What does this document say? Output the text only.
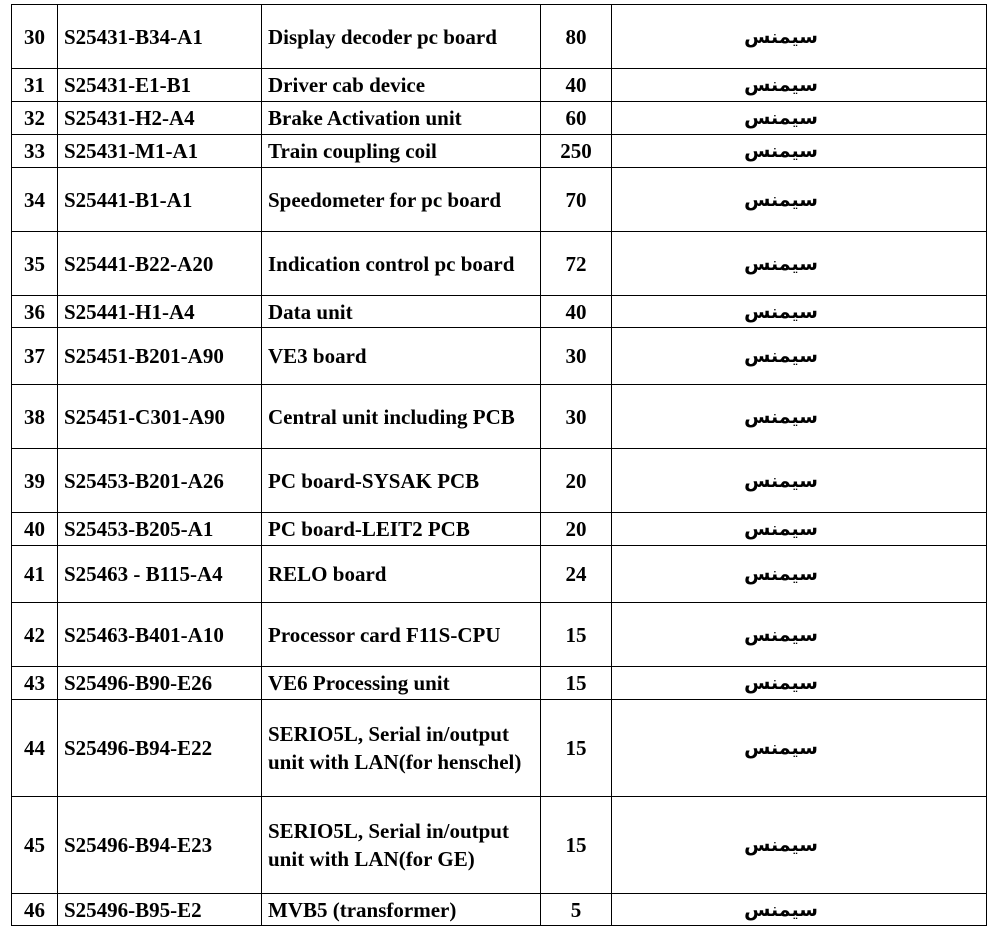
30	S25431-B34-A1	Display decoder pc board	80	سيمنس
31	S25431-E1-B1	Driver cab device	40	سيمنس
32	S25431-H2-A4	Brake Activation unit	60	سيمنس
33	S25431-M1-A1	Train coupling coil	250	سيمنس
34	S25441-B1-A1	Speedometer for pc board	70	سيمنس
35	S25441-B22-A20	Indication control pc board	72	سيمنس
36	S25441-H1-A4	Data unit	40	سيمنس
37	S25451-B201-A90	VE3 board	30	سيمنس
38	S25451-C301-A90	Central unit including PCB	30	سيمنس
39	S25453-B201-A26	PC board-SYSAK PCB	20	سيمنس
40	S25453-B205-A1	PC board-LEIT2 PCB	20	سيمنس
41	S25463 - B115-A4	RELO board	24	سيمنس
42	S25463-B401-A10	Processor card F11S-CPU	15	سيمنس
43	S25496-B90-E26	VE6 Processing unit	15	سيمنس
44	S25496-B94-E22	SERIO5L, Serial in/output unit with LAN(for henschel)	15	سيمنس
45	S25496-B94-E23	SERIO5L, Serial in/output unit with LAN(for GE)	15	سيمنس
46	S25496-B95-E2	MVB5 (transformer)	5	سيمنس
